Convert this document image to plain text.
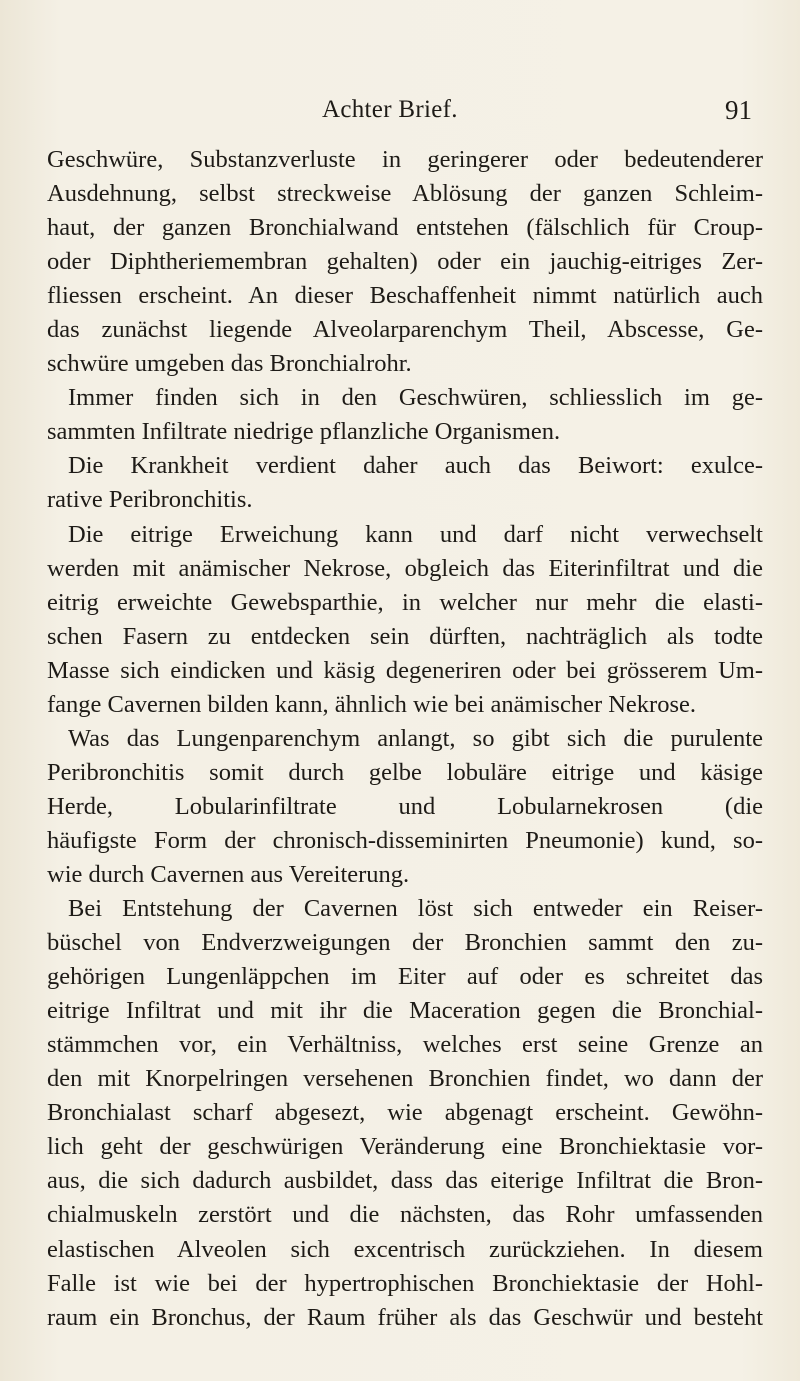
Achter Brief.	91
Geschwüre, Substanzverluste in geringerer oder bedeutenderer
Ausdehnung, selbst streckweise Ablösung der ganzen Schleim-
haut, der ganzen Bronchialwand entstehen (fälschlich für Croup-
oder Diphtheriemembran gehalten) oder ein jauchig-eitriges Zer-
fliessen erscheint. An dieser Beschaffenheit nimmt natürlich auch
das zunächst liegende Alveolarparenchym Theil, Abscesse, Ge-
schwüre umgeben das Bronchialrohr.
Immer finden sich in den Geschwüren, schliesslich im ge-
sammten Infiltrate niedrige pflanzliche Organismen.
Die Krankheit verdient daher auch das Beiwort: exulce-
rative Peribronchitis.
Die eitrige Erweichung kann und darf nicht verwechselt
werden mit anämischer Nekrose, obgleich das Eiterinfiltrat und die
eitrig erweichte Gewebsparthie, in welcher nur mehr die elasti-
schen Fasern zu entdecken sein dürften, nachträglich als todte
Masse sich eindicken und käsig degeneriren oder bei grösserem Um-
fange Cavernen bilden kann, ähnlich wie bei anämischer Nekrose.
Was das Lungenparenchym anlangt, so gibt sich die purulente
Peribronchitis somit durch gelbe lobuläre eitrige und käsige
Herde, Lobularinfiltrate und Lobularnekrosen (die
häufigste Form der chronisch-disseminirten Pneumonie) kund, so-
wie durch Cavernen aus Vereiterung.
Bei Entstehung der Cavernen löst sich entweder ein Reiser-
büschel von Endverzweigungen der Bronchien sammt den zu-
gehörigen Lungenläppchen im Eiter auf oder es schreitet das
eitrige Infiltrat und mit ihr die Maceration gegen die Bronchial-
stämmchen vor, ein Verhältniss, welches erst seine Grenze an
den mit Knorpelringen versehenen Bronchien findet, wo dann der
Bronchialast scharf abgesezt, wie abgenagt erscheint. Gewöhn-
lich geht der geschwürigen Veränderung eine Bronchiektasie vor-
aus, die sich dadurch ausbildet, dass das eiterige Infiltrat die Bron-
chialmuskeln zerstört und die nächsten, das Rohr umfassenden
elastischen Alveolen sich excentrisch zurückziehen. In diesem
Falle ist wie bei der hypertrophischen Bronchiektasie der Hohl-
raum ein Bronchus, der Raum früher als das Geschwür und besteht
